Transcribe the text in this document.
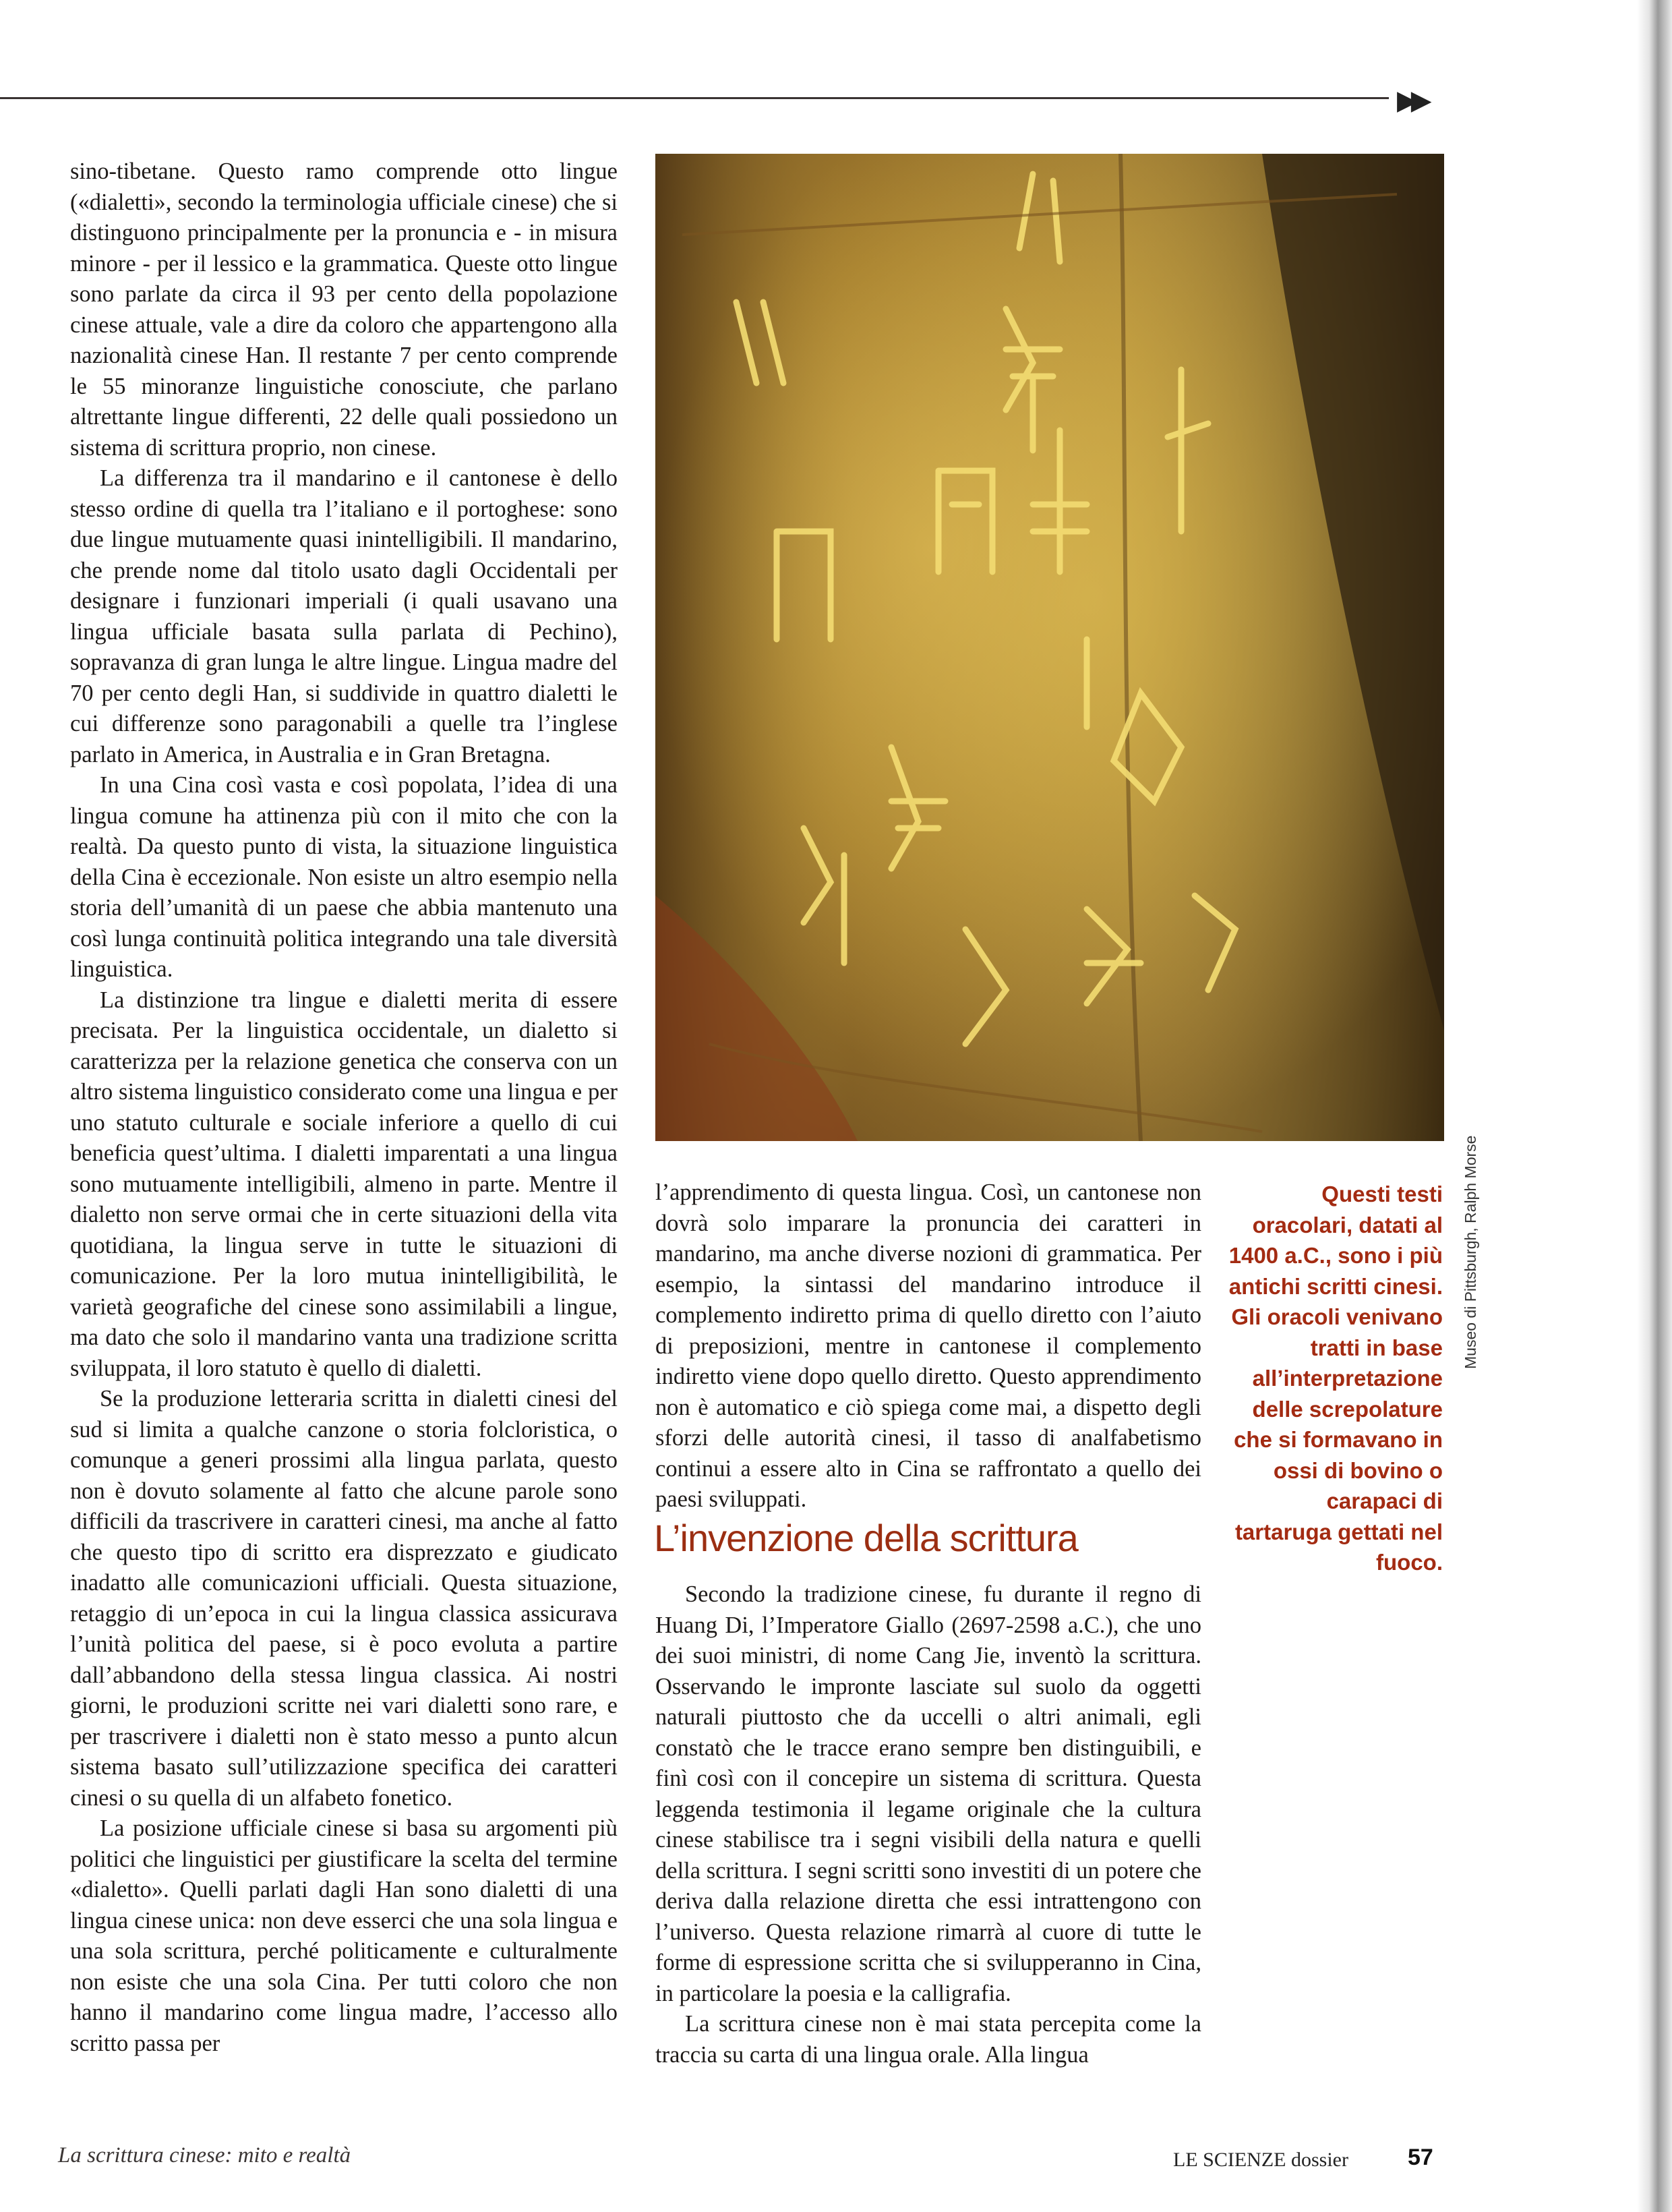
▶▶

sino-tibetane. Questo ramo comprende otto lingue («dialetti», secondo la terminologia ufficiale cinese) che si distinguono principalmente per la pronuncia e - in misura minore - per il lessico e la grammatica. Queste otto lingue sono parlate da circa il 93 per cento della popolazione cinese attuale, vale a dire da coloro che appartengono alla nazionalità cinese Han. Il restante 7 per cento comprende le 55 minoranze linguistiche conosciute, che parlano altrettante lingue differenti, 22 delle quali possiedono un sistema di scrittura proprio, non cinese.

La differenza tra il mandarino e il cantonese è dello stesso ordine di quella tra l’italiano e il portoghese: sono due lingue mutuamente quasi inintelligibili. Il mandarino, che prende nome dal titolo usato dagli Occidentali per designare i funzionari imperiali (i quali usavano una lingua ufficiale basata sulla parlata di Pechino), sopravanza di gran lunga le altre lingue. Lingua madre del 70 per cento degli Han, si suddivide in quattro dialetti le cui differenze sono paragonabili a quelle tra l’inglese parlato in America, in Australia e in Gran Bretagna.

In una Cina così vasta e così popolata, l’idea di una lingua comune ha attinenza più con il mito che con la realtà. Da questo punto di vista, la situazione linguistica della Cina è eccezionale. Non esiste un altro esempio nella storia dell’umanità di un paese che abbia mantenuto una così lunga continuità politica integrando una tale diversità linguistica.

La distinzione tra lingue e dialetti merita di essere precisata. Per la linguistica occidentale, un dialetto si caratterizza per la relazione genetica che conserva con un altro sistema linguistico considerato come una lingua e per uno statuto culturale e sociale inferiore a quello di cui beneficia quest’ultima. I dialetti imparentati a una lingua sono mutuamente intelligibili, almeno in parte. Mentre il dialetto non serve ormai che in certe situazioni della vita quotidiana, la lingua serve in tutte le situazioni di comunicazione. Per la loro mutua inintelligibilità, le varietà geografiche del cinese sono assimilabili a lingue, ma dato che solo il mandarino vanta una tradizione scritta sviluppata, il loro statuto è quello di dialetti.

Se la produzione letteraria scritta in dialetti cinesi del sud si limita a qualche canzone o storia folcloristica, o comunque a generi prossimi alla lingua parlata, questo non è dovuto solamente al fatto che alcune parole sono difficili da trascrivere in caratteri cinesi, ma anche al fatto che questo tipo di scritto era disprezzato e giudicato inadatto alle comunicazioni ufficiali. Questa situazione, retaggio di un’epoca in cui la lingua classica assicurava l’unità politica del paese, si è poco evoluta a partire dall’abbandono della stessa lingua classica. Ai nostri giorni, le produzioni scritte nei vari dialetti sono rare, e per trascrivere i dialetti non è stato messo a punto alcun sistema basato sull’utilizzazione specifica dei caratteri cinesi o su quella di un alfabeto fonetico.

La posizione ufficiale cinese si basa su argomenti più politici che linguistici per giustificare la scelta del termine «dialetto». Quelli parlati dagli Han sono dialetti di una lingua cinese unica: non deve esserci che una sola lingua e una sola scrittura, perché politicamente e culturalmente non esiste che una sola Cina. Per tutti coloro che non hanno il mandarino come lingua madre, l’accesso allo scritto passa per

Museo di Pittsburgh, Ralph Morse
Questi testi oracolari, datati al 1400 a.C., sono i più antichi scritti cinesi. Gli oracoli venivano tratti in base all’interpretazione delle screpolature che si formavano in ossi di bovino o carapaci di tartaruga gettati nel fuoco.

l’apprendimento di questa lingua. Così, un cantonese non dovrà solo imparare la pronuncia dei caratteri in mandarino, ma anche diverse nozioni di grammatica. Per esempio, la sintassi del mandarino introduce il complemento indiretto prima di quello diretto con l’aiuto di preposizioni, mentre in cantonese il complemento indiretto viene dopo quello diretto. Questo apprendimento non è automatico e ciò spiega come mai, a dispetto degli sforzi delle autorità cinesi, il tasso di analfabetismo continui a essere alto in Cina se raffrontato a quello dei paesi sviluppati.

L’invenzione della scrittura

Secondo la tradizione cinese, fu durante il regno di Huang Di, l’Imperatore Giallo (2697-2598 a.C.), che uno dei suoi ministri, di nome Cang Jie, inventò la scrittura. Osservando le impronte lasciate sul suolo da oggetti naturali piuttosto che da uccelli o altri animali, egli constatò che le tracce erano sempre ben distinguibili, e finì così con il concepire un sistema di scrittura. Questa leggenda testimonia il legame originale che la cultura cinese stabilisce tra i segni visibili della natura e quelli della scrittura. I segni scritti sono investiti di un potere che deriva dalla relazione diretta che essi intrattengono con l’universo. Questa relazione rimarrà al cuore di tutte le forme di espressione scritta che si svilupperanno in Cina, in particolare la poesia e la calligrafia.

La scrittura cinese non è mai stata percepita come la traccia su carta di una lingua orale. Alla lingua

La scrittura cinese: mito e realtà	LE SCIENZE dossier	57
